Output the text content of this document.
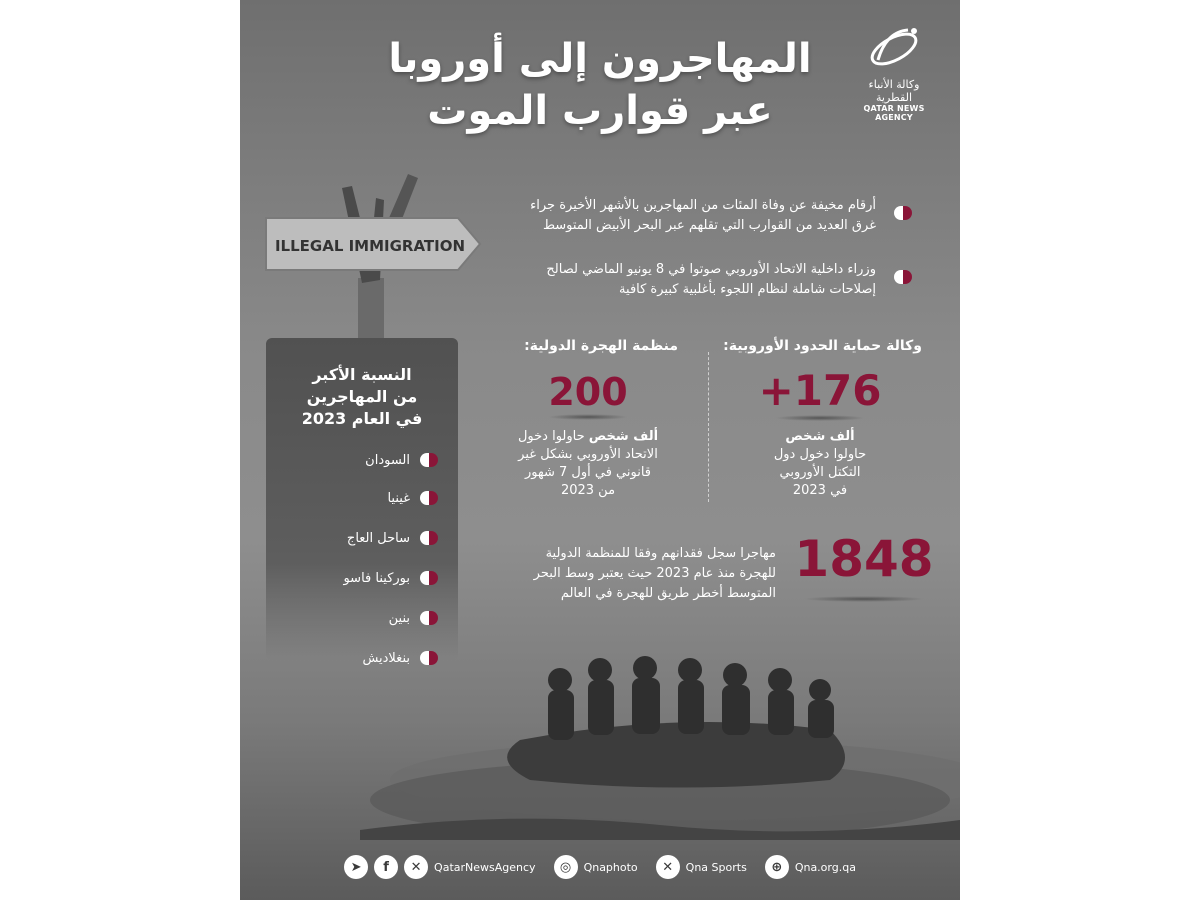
المهاجرون إلى أوروبا
عبر قوارب الموت
وكالة الأنباء القطرية
QATAR NEWS AGENCY
ILLEGAL IMMIGRATION
أرقام مخيفة عن وفاة المئات من المهاجرين بالأشهر الأخيرة جراء
غرق العديد من القوارب التي تقلهم عبر البحر الأبيض المتوسط
وزراء داخلية الاتحاد الأوروبي صوتوا في 8 يونيو الماضي لصالح
إصلاحات شاملة لنظام اللجوء بأغلبية كبيرة كافية
وكالة حماية الحدود الأوروبية:
+176
ألف شخص
حاولوا دخول دول
التكتل الأوروبي
في 2023
منظمة الهجرة الدولية:
200
ألف شخص حاولوا دخول
الاتحاد الأوروبي بشكل غير
قانوني في أول 7 شهور
من 2023
1848
مهاجرا سجل فقدانهم وفقا للمنظمة الدولية
للهجرة منذ عام 2023 حيث يعتبر وسط البحر
المتوسط أخطر طريق للهجرة في العالم
النسبة الأكبر
من المهاجرين
في العام 2023
السودان
غينيا
ساحل العاج
بوركينا فاسو
بنين
بنغلاديش
➤	f	✕	QatarNewsAgency	◎	Qnaphoto	✕	Qna Sports	⊕	Qna.org.qa
